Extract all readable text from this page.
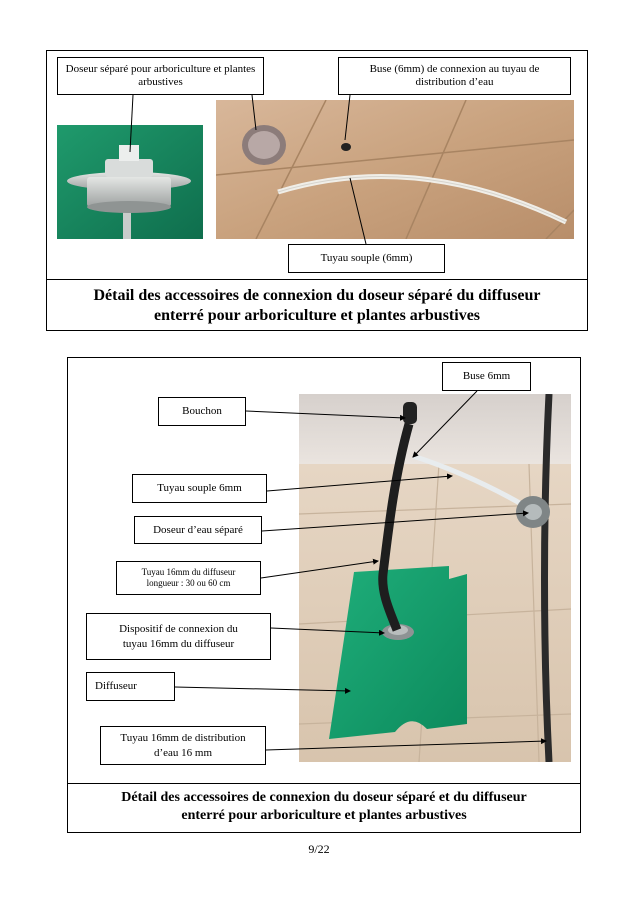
Doseur séparé pour arboriculture et plantes arbustives
Buse (6mm) de connexion au tuyau de distribution d’eau
Tuyau souple (6mm)
Détail des accessoires de connexion du doseur séparé du diffuseur
enterré pour arboriculture et plantes arbustives
Buse 6mm
Bouchon
Tuyau souple 6mm
Doseur d’eau séparé
Tuyau 16mm du diffuseur
longueur : 30 ou 60 cm
Dispositif de connexion du
tuyau 16mm du diffuseur
Diffuseur
Tuyau 16mm de distribution
d’eau 16 mm
Détail des accessoires de connexion du doseur séparé et du diffuseur
enterré pour arboriculture et plantes arbustives
9/22
